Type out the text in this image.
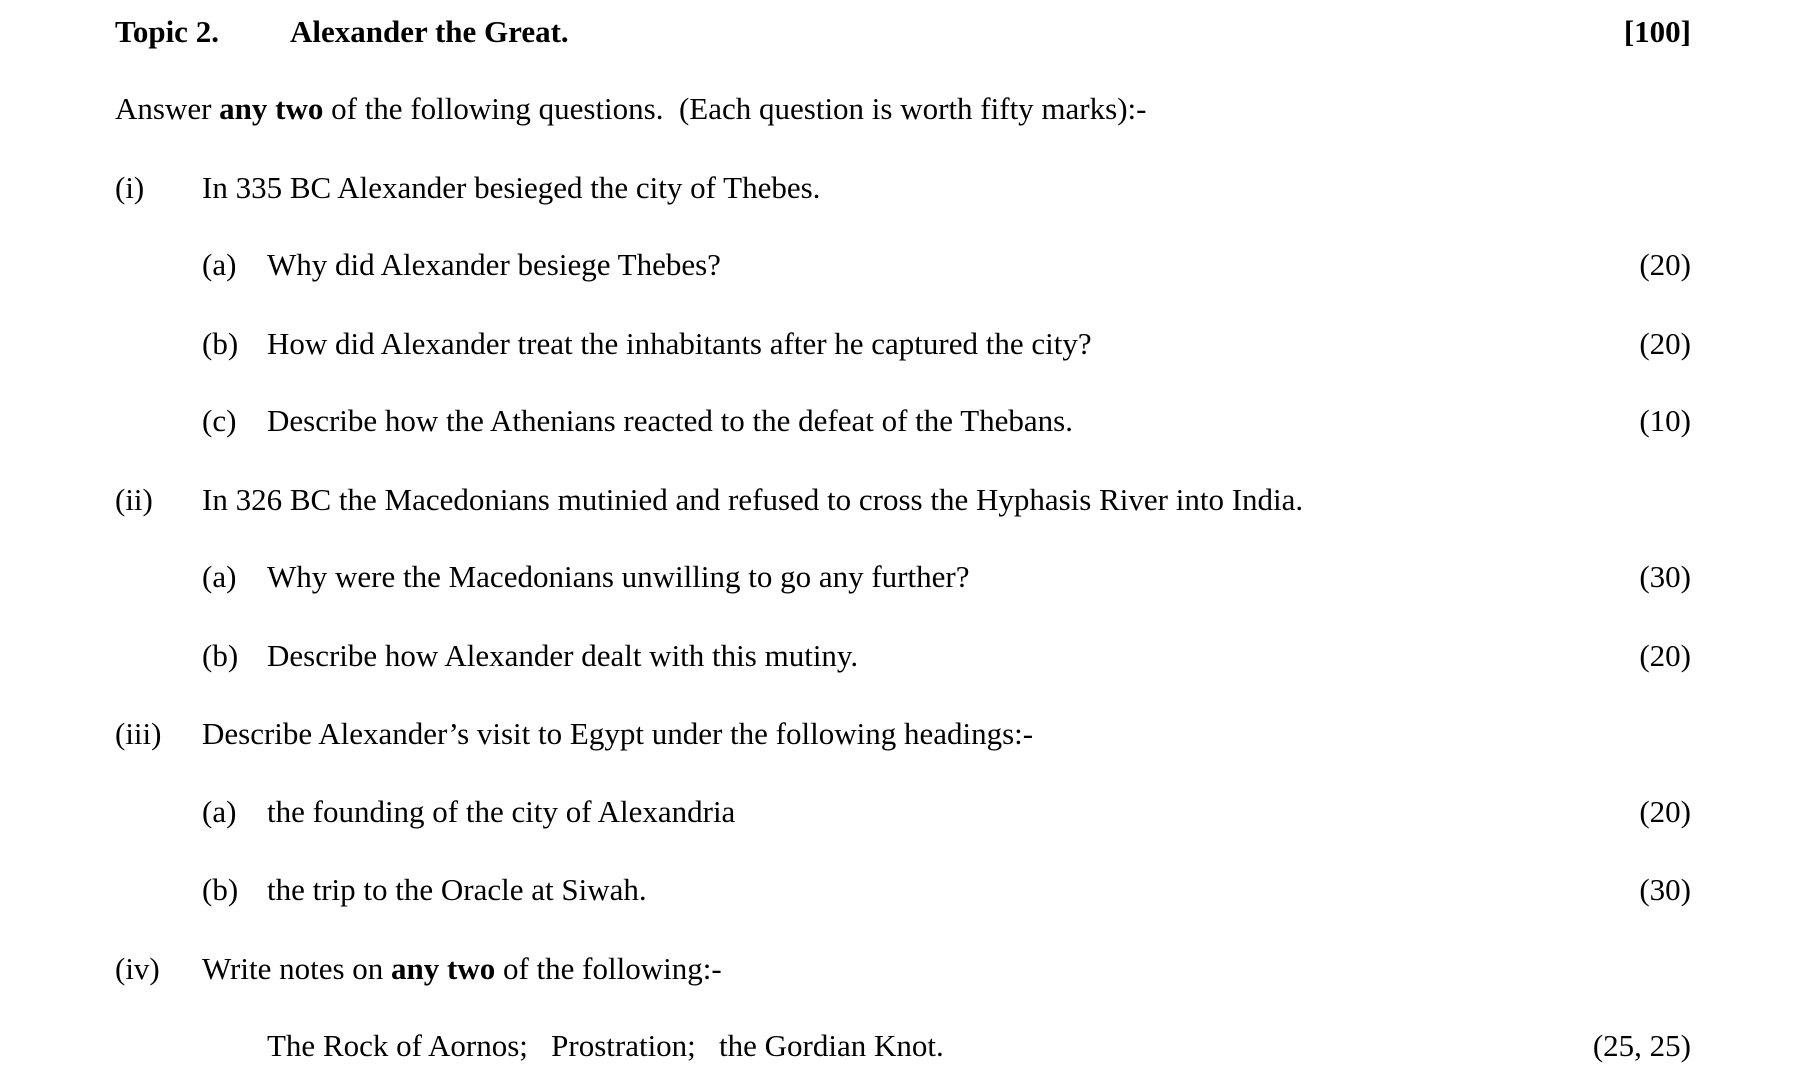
Topic 2. Alexander the Great.	[100]
Answer any two of the following questions.  (Each question is worth fifty marks):-
(i) In 335 BC Alexander besieged the city of Thebes.
(a) Why did Alexander besiege Thebes?	(20)
(b) How did Alexander treat the inhabitants after he captured the city?	(20)
(c) Describe how the Athenians reacted to the defeat of the Thebans.	(10)
(ii) In 326 BC the Macedonians mutinied and refused to cross the Hyphasis River into India.
(a) Why were the Macedonians unwilling to go any further?	(30)
(b) Describe how Alexander dealt with this mutiny.	(20)
(iii) Describe Alexander’s visit to Egypt under the following headings:-
(a) the founding of the city of Alexandria	(20)
(b) the trip to the Oracle at Siwah.	(30)
(iv) Write notes on any two of the following:-
The Rock of Aornos;   Prostration;   the Gordian Knot.	(25, 25)
